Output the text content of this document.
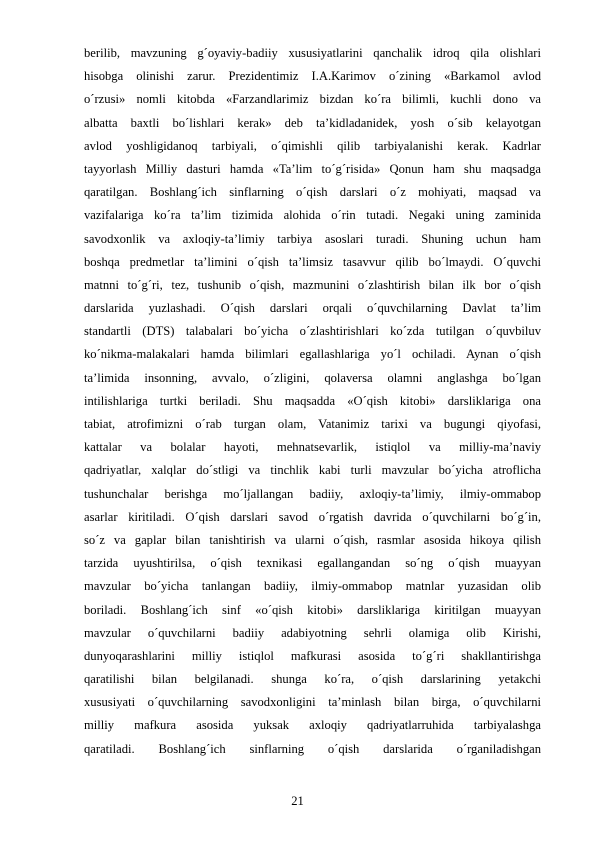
berilib, mavzuning g´oyaviy-badiiy xususiyatlarini qanchalik idroq qila olishlari
hisobga olinishi zarur. Prezidentimiz I.A.Karimov o´zining «Barkamol avlod
o´rzusi» nomli kitobda «Farzandlarimiz bizdan ko´ra bilimli, kuchli dono va
albatta baxtli bo´lishlari kerak» deb ta’kidladanidek, yosh o´sib kelayotgan
avlod yoshligidanoq tarbiyali, o´qimishli qilib tarbiyalanishi kerak. Kadrlar
tayyorlash Milliy dasturi hamda «Ta’lim to´g´risida» Qonun ham shu maqsadga
qaratilgan. Boshlang´ich sinflarning o´qish darslari o´z mohiyati, maqsad va
vazifalariga ko´ra ta’lim tizimida alohida o´rin tutadi. Negaki uning zaminida
savodxonlik va axloqiy-ta’limiy tarbiya asoslari turadi. Shuning uchun ham
boshqa predmetlar ta’limini o´qish ta’limsiz tasavvur qilib bo´lmaydi. O´quvchi
matnni to´g´ri, tez, tushunib o´qish, mazmunini o´zlashtirish bilan ilk bor o´qish
darslarida yuzlashadi. O´qish darslari orqali o´quvchilarning Davlat ta’lim
standartli (DTS) talabalari bo´yicha o´zlashtirishlari ko´zda tutilgan o´quvbiluv
ko´nikma-malakalari hamda bilimlari egallashlariga yo´l ochiladi. Aynan o´qish
ta’limida insonning, avvalo, o´zligini, qolaversa olamni anglashga bo´lgan
intilishlariga turtki beriladi. Shu maqsadda «O´qish kitobi» darsliklariga ona
tabiat, atrofimizni o´rab turgan olam, Vatanimiz tarixi va bugungi qiyofasi,
kattalar va bolalar hayoti, mehnatsevarlik, istiqlol va milliy-ma’naviy
qadriyatlar, xalqlar do´stligi va tinchlik kabi turli mavzular bo´yicha atroflicha
tushunchalar berishga mo´ljallangan badiiy, axloqiy-ta’limiy, ilmiy-ommabop
asarlar kiritiladi. O´qish darslari savod o´rgatish davrida o´quvchilarni bo´g´in,
so´z va gaplar bilan tanishtirish va ularni o´qish, rasmlar asosida hikoya qilish
tarzida uyushtirilsa, o´qish texnikasi egallangandan so´ng o´qish muayyan
mavzular bo´yicha tanlangan badiiy, ilmiy-ommabop matnlar yuzasidan olib
boriladi. Boshlang´ich sinf «o´qish kitobi» darsliklariga kiritilgan muayyan
mavzular o´quvchilarni badiiy adabiyotning sehrli olamiga olib Kirishi,
dunyoqarashlarini milliy istiqlol mafkurasi asosida to´g´ri shakllantirishga
qaratilishi bilan belgilanadi. shunga ko´ra, o´qish darslarining yetakchi
xususiyati o´quvchilarning savodxonligini ta’minlash bilan birga, o´quvchilarni
milliy mafkura asosida yuksak axloqiy qadriyatlarruhida tarbiyalashga
qaratiladi. Boshlang´ich sinflarning o´qish darslarida o´rganiladishgan
21
